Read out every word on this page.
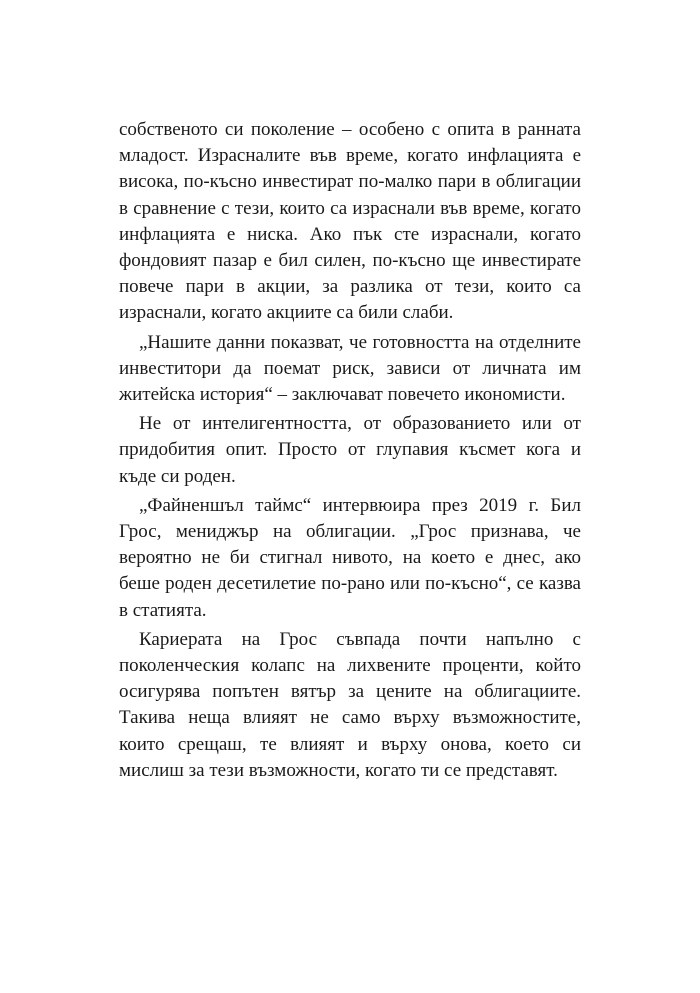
собственото си поколение – особено с опита в ранната младост. Израсналите във време, когато инфлацията е висока, по-късно инвестират по-малко пари в облигации в сравнение с тези, които са израснали във време, когато инфлацията е ниска. Ако пък сте израснали, когато фондовият пазар е бил силен, по-късно ще инвестирате повече пари в акции, за разлика от тези, които са израснали, когато акциите са били слаби.

„Нашите данни показват, че готовността на отделните инвеститори да поемат риск, зависи от личната им житейска история“ – заключават повечето икономисти.

Не от интелигентността, от образованието или от придобития опит. Просто от глупавия късмет кога и къде си роден.

„Файненшъл таймс“ интервюира през 2019 г. Бил Грос, мениджър на облигации. „Грос признава, че вероятно не би стигнал нивото, на което е днес, ако беше роден десетилетие по-рано или по-късно“, се казва в статията.

Кариерата на Грос съвпада почти напълно с поколенческия колапс на лихвените проценти, който осигурява попътен вятър за цените на облигациите. Такива неща влияят не само върху възможностите, които срещаш, те влияят и върху онова, което си мислиш за тези възможности, когато ти се представят.
